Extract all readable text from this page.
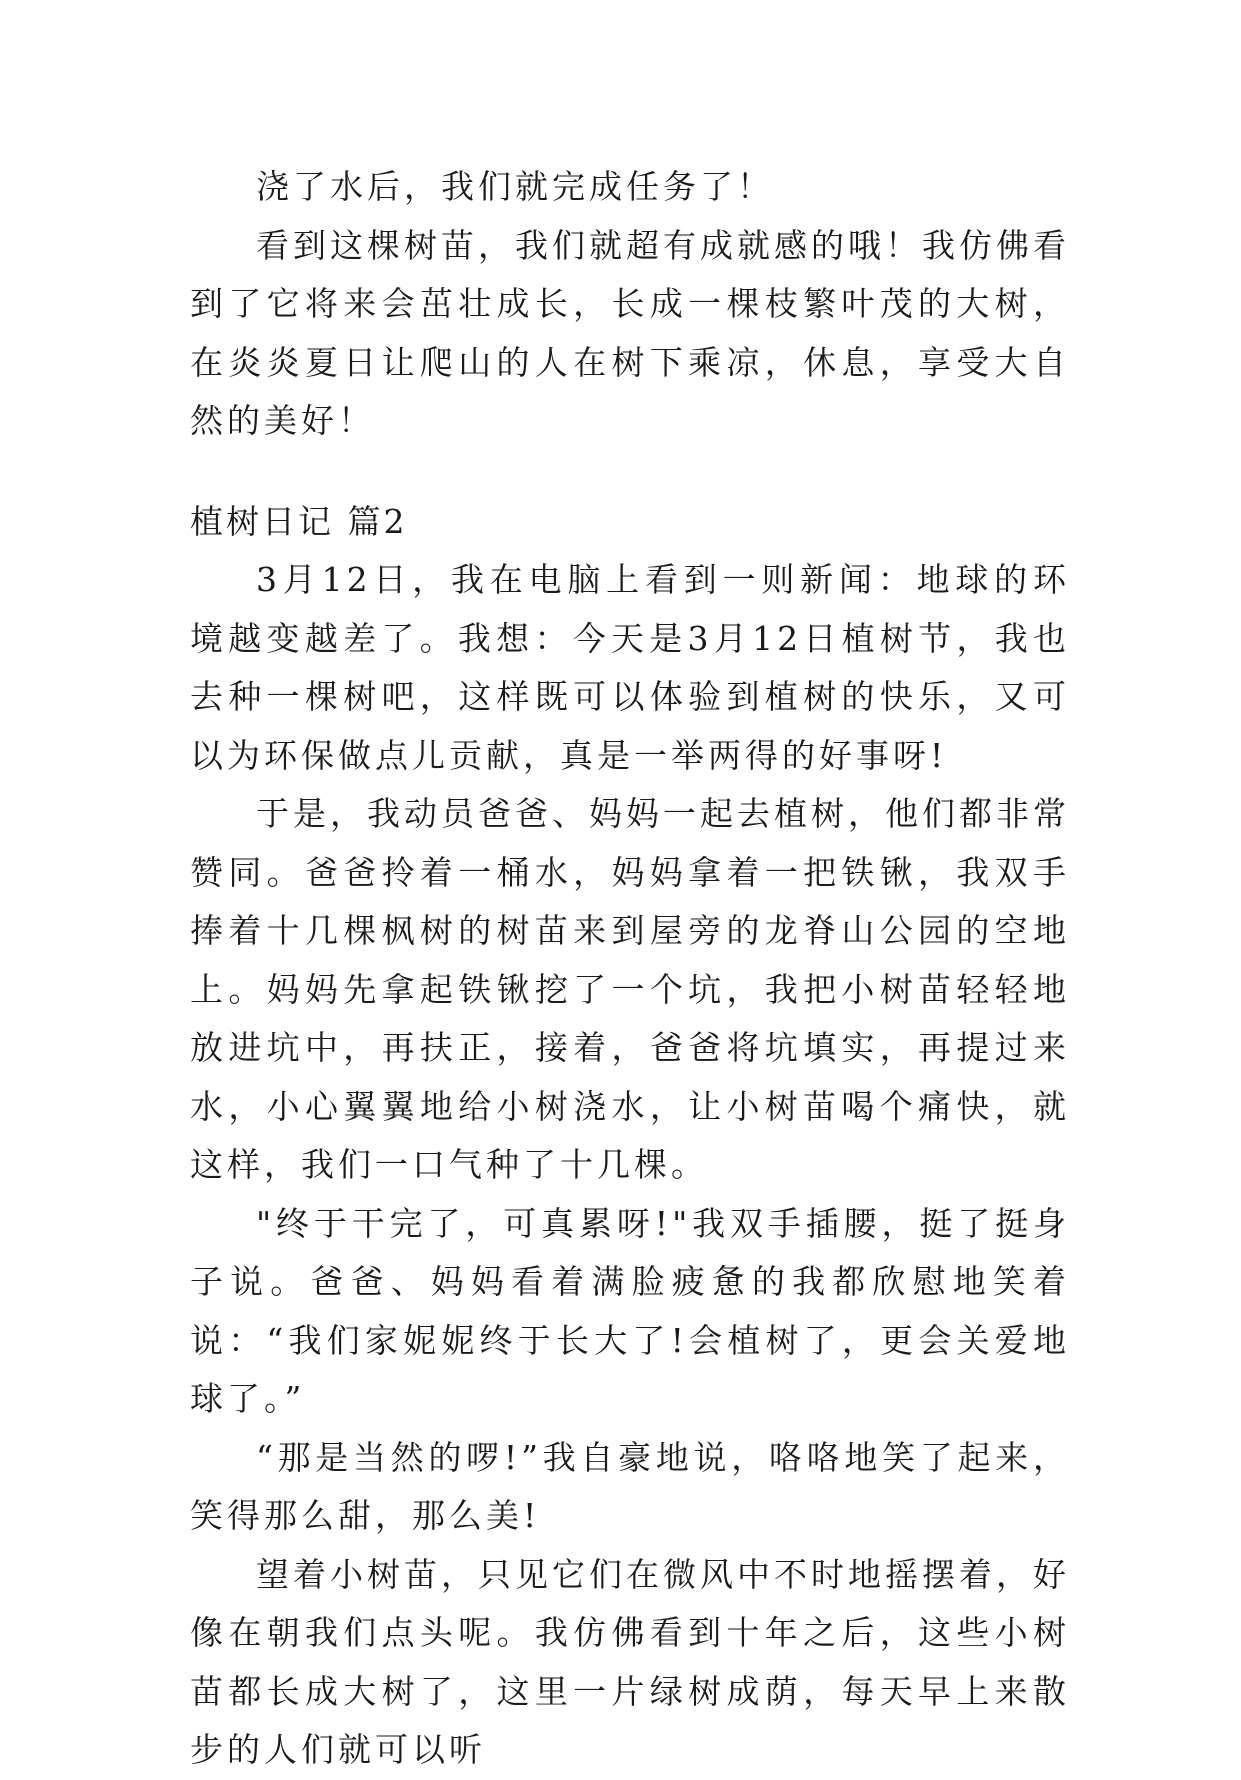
浇了水后，我们就完成任务了！

看到这棵树苗，我们就超有成就感的哦！我仿佛看到了它将来会茁壮成长，长成一棵枝繁叶茂的大树，在炎炎夏日让爬山的人在树下乘凉，休息，享受大自然的美好！

植树日记 篇2

3月12日，我在电脑上看到一则新闻：地球的环境越变越差了。我想：今天是3月12日植树节，我也去种一棵树吧，这样既可以体验到植树的快乐，又可以为环保做点儿贡献，真是一举两得的好事呀!

于是，我动员爸爸、妈妈一起去植树，他们都非常赞同。爸爸拎着一桶水，妈妈拿着一把铁锹，我双手捧着十几棵枫树的树苗来到屋旁的龙脊山公园的空地上。妈妈先拿起铁锹挖了一个坑，我把小树苗轻轻地放进坑中，再扶正，接着，爸爸将坑填实，再提过来水，小心翼翼地给小树浇水，让小树苗喝个痛快，就这样，我们一口气种了十几棵。

"终于干完了，可真累呀!"我双手插腰，挺了挺身子说。爸爸、妈妈看着满脸疲惫的我都欣慰地笑着说：“我们家妮妮终于长大了!会植树了，更会关爱地球了。”

“那是当然的啰!”我自豪地说，咯咯地笑了起来，笑得那么甜，那么美!

望着小树苗，只见它们在微风中不时地摇摆着，好像在朝我们点头呢。我仿佛看到十年之后，这些小树苗都长成大树了，这里一片绿树成荫，每天早上来散步的人们就可以听
